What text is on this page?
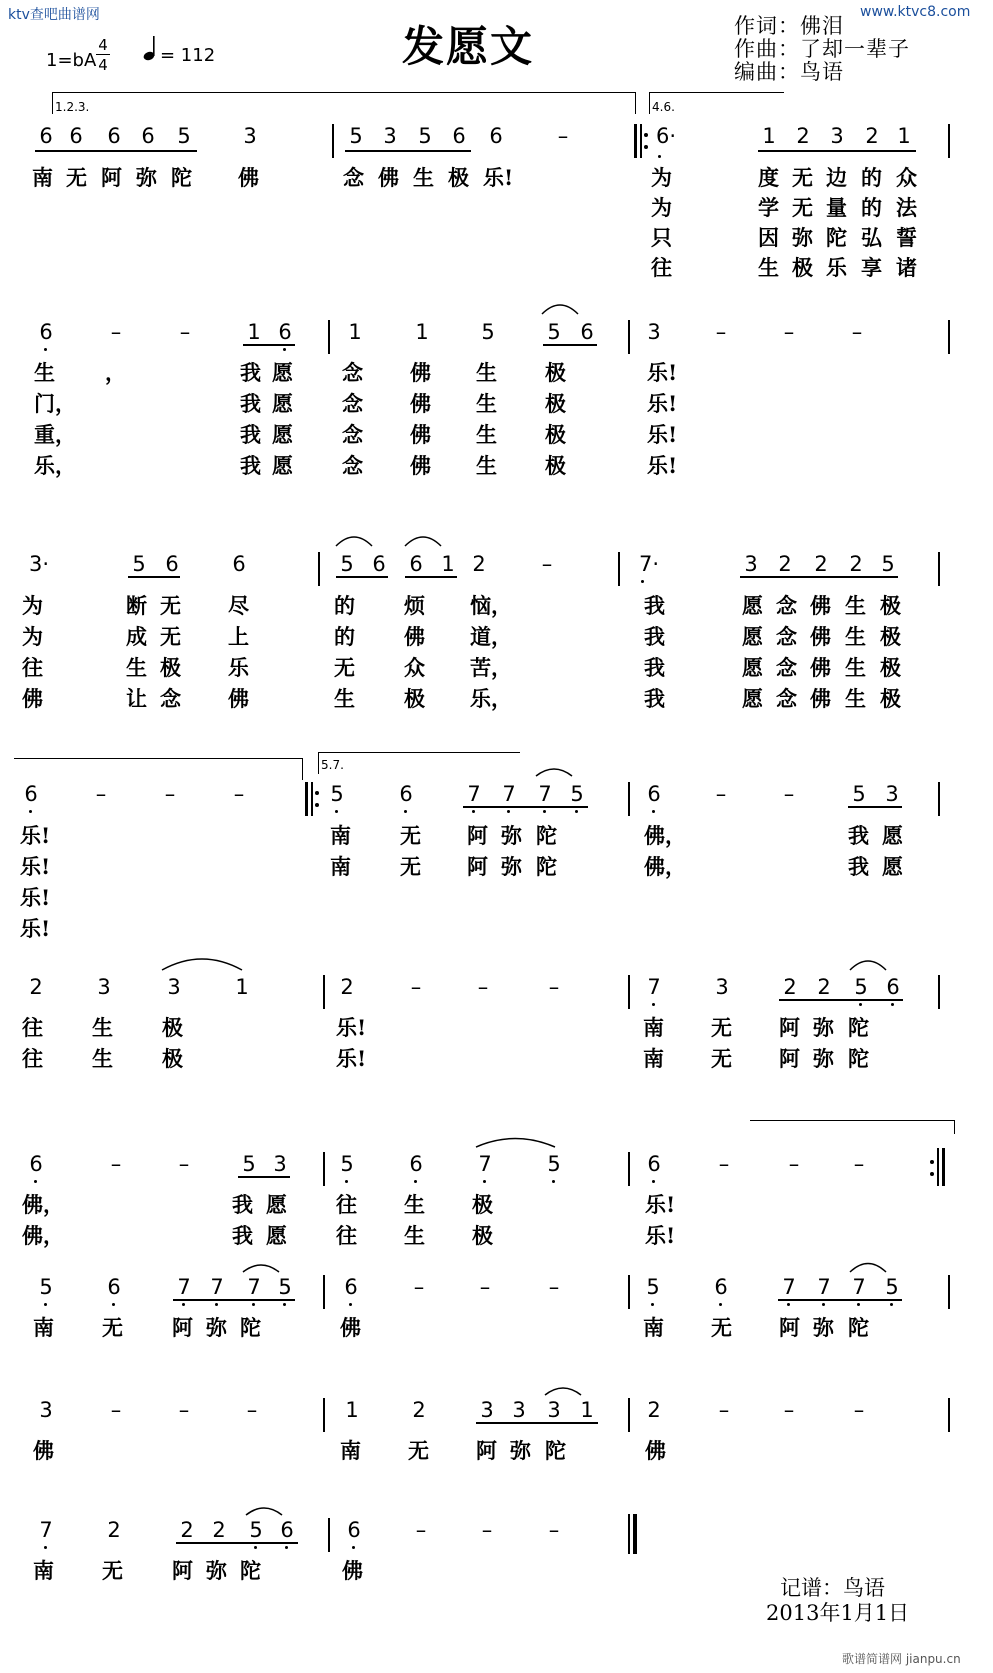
ktv查吧曲谱网	www.ktvc8.com
发愿文	作词：佛泪
作曲：了却一辈子
编曲：鸟语
1=bA
4
4	= 112
1.2.3.	4.6.
6 6 6 6 5	3	5 3 5 6 6	–	6·	1 2 3 2 1
南 无 阿 弥 陀 佛	念 佛 生 极 乐!	为	度 无 边 的 众
为	学 无 量 的 法
只	因 弥 陀 弘 誓
往	生 极 乐 享 诸
6	–	–	1 6	1	1	5	5 6	3	–	–	–
生 ，	我 愿 念 佛 生 极	乐!
门，	我 愿 念 佛 生 极	乐!
重，	我 愿 念 佛 生 极	乐!
乐，	我 愿 念 佛 生 极	乐!
3·	5 6	6	5 6 6 1 2	–	7·	3 2 2 2 5
为	断 无 尽	的 烦 恼，	我	愿 念 佛 生 极
为	成 无 上	的 佛 道，	我	愿 念 佛 生 极
往	生 极 乐	无 众 苦，	我	愿 念 佛 生 极
佛	让 念 佛	生 极 乐，	我	愿 念 佛 生 极
5.7.
6	–	–	–	5	6	7 7 7 5	6	–	–	5 3
乐!	南 无 阿 弥 陀	佛，	我 愿
乐!	南 无 阿 弥 陀	佛，	我 愿
乐!
乐!
2	3	3	1	2	–	–	–	7	3	2 2 5 6
往 生 极	乐!	南 无 阿 弥 陀
往 生 极	乐!	南 无 阿 弥 陀
6	–	–	5 3	5	6	7	5	6	–	–	–
佛，	我 愿 往 生 极	乐!
佛，	我 愿 往 生 极	乐!
5	6	7 7 7 5	6	–	–	–	5	6	7 7 7 5
南 无 阿 弥 陀	佛	南 无 阿 弥 陀
3	–	–	–	1	2	3 3 3 1	2	–	–	–
佛	南 无 阿 弥 陀	佛
7	2	2 2 5 6	6	–	–	–
南 无 阿 弥 陀	佛
记谱：鸟语
2013年1月1日
歌谱简谱网 jianpu.cn
